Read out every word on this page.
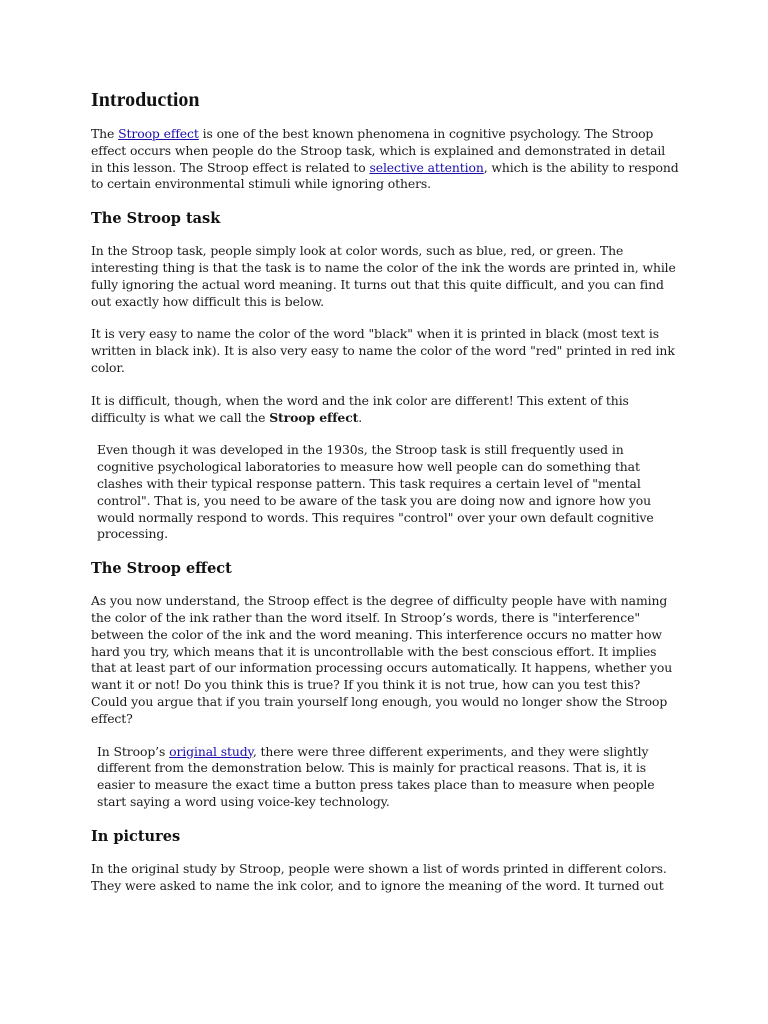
Introduction

The Stroop effect is one of the best known phenomena in cognitive psychology. The Stroop effect occurs when people do the Stroop task, which is explained and demonstrated in detail in this lesson. The Stroop effect is related to selective attention, which is the ability to respond to certain environmental stimuli while ignoring others.

The Stroop task

In the Stroop task, people simply look at color words, such as blue, red, or green. The interesting thing is that the task is to name the color of the ink the words are printed in, while fully ignoring the actual word meaning. It turns out that this quite difficult, and you can find out exactly how difficult this is below.

It is very easy to name the color of the word "black" when it is printed in black (most text is written in black ink). It is also very easy to name the color of the word "red" printed in red ink color.

It is difficult, though, when the word and the ink color are different! This extent of this difficulty is what we call the Stroop effect.

Even though it was developed in the 1930s, the Stroop task is still frequently used in cognitive psychological laboratories to measure how well people can do something that clashes with their typical response pattern. This task requires a certain level of "mental control". That is, you need to be aware of the task you are doing now and ignore how you would normally respond to words. This requires "control" over your own default cognitive processing.

The Stroop effect

As you now understand, the Stroop effect is the degree of difficulty people have with naming the color of the ink rather than the word itself. In Stroop’s words, there is "interference" between the color of the ink and the word meaning. This interference occurs no matter how hard you try, which means that it is uncontrollable with the best conscious effort. It implies that at least part of our information processing occurs automatically. It happens, whether you want it or not! Do you think this is true? If you think it is not true, how can you test this? Could you argue that if you train yourself long enough, you would no longer show the Stroop effect?

In Stroop’s original study, there were three different experiments, and they were slightly different from the demonstration below. This is mainly for practical reasons. That is, it is easier to measure the exact time a button press takes place than to measure when people start saying a word using voice-key technology.

In pictures

In the original study by Stroop, people were shown a list of words printed in different colors. They were asked to name the ink color, and to ignore the meaning of the word. It turned out
